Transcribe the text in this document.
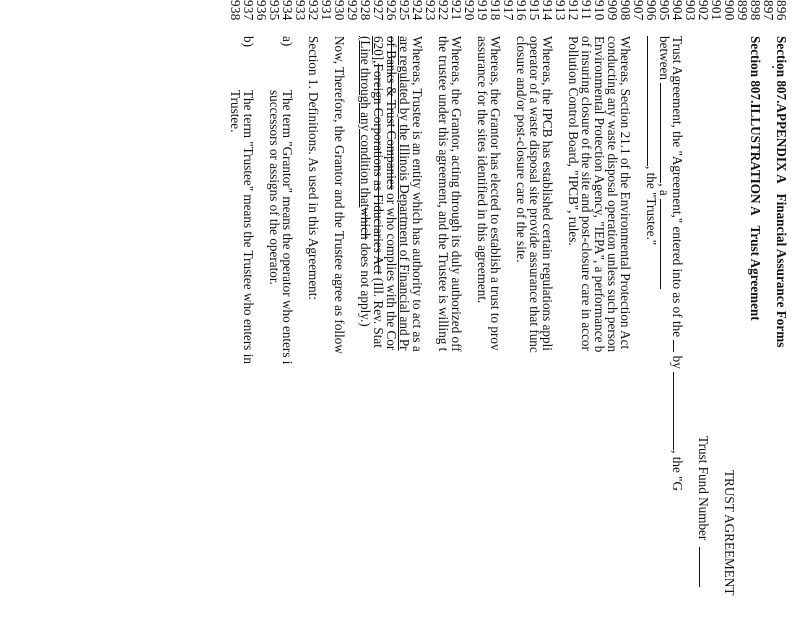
896
Section 807.APPENDIX A   Financial Assurance Forms
897
898
Section 807.ILLUSTRATION A   Trust Agreement
899
900
TRUST AGREEMENT
901
902
Trust Fund Number
903
904
Trust Agreement, the "Agreement," entered into as of the  by , the "G
905
between , a
906
, the "Trustee."
907
908
Whereas, Section 21.1 of the Environmental Protection Act
909
conducting any waste disposal operation unless such person
910
Environmental Protection Agency, "IEPA", a performance b
911
of insuring closure of the site and post-closure care in accor
912
Pollution Control Board, "IPCB", rules.
913
914
Whereas, the IPCB has established certain regulations appli
915
operator of a waste disposal site provide assurance that func
916
closure and/or post-closure care of the site.
917
918
Whereas, the Grantor has elected to establish a trust to prov
919
assurance for the sites identified in this agreement.
920
921
Whereas, the Grantor, acting through its duly authorized off
922
the trustee under this agreement, and the Trustee is willing t
923
924
Whereas, Trustee is an entity which has authority to act as a
925
are regulated by the Illinois Department of Financial and Pr
926
of Banks & Trust Companies or who complies with the Cor
927
620],Foreign Corporations as Fiduciaries Act (Ill. Rev. Stat
928
(Line through any condition thatwhich does not apply.)
929
930
Now, Therefore, the Grantor and the Trustee agree as follow
931
932
Section 1. Definitions. As used in this Agreement:
933
934
a)
The term "Grantor" means the operator who enters i
935
successors or assigns of the operator.
936
937
b)
The term "Trustee" means the Trustee who enters in
938
Trustee.
